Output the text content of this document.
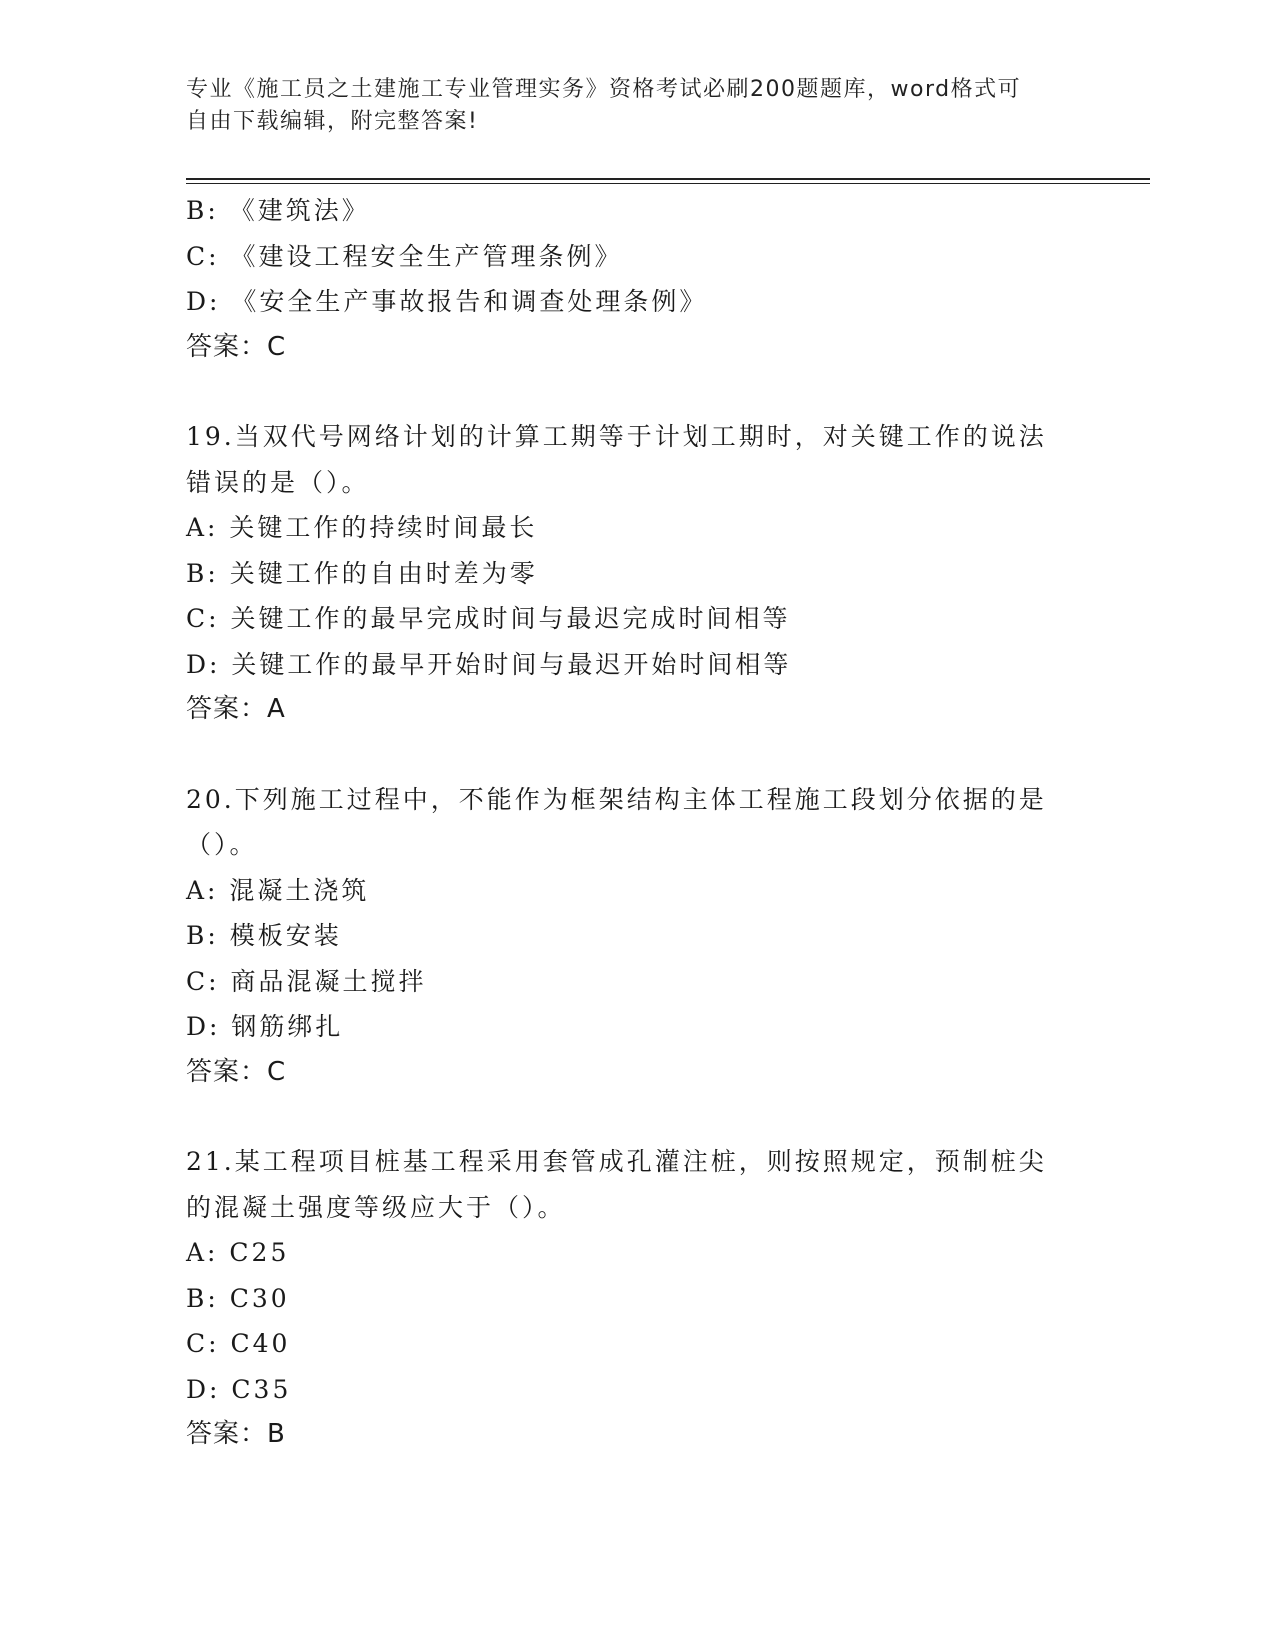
专业《施工员之土建施工专业管理实务》资格考试必刷200题题库，word格式可
自由下载编辑，附完整答案!
B: 《建筑法》
C: 《建设工程安全生产管理条例》
D: 《安全生产事故报告和调查处理条例》
答案：C
19.当双代号网络计划的计算工期等于计划工期时，对关键工作的说法
错误的是（）。
A: 关键工作的持续时间最长
B: 关键工作的自由时差为零
C: 关键工作的最早完成时间与最迟完成时间相等
D: 关键工作的最早开始时间与最迟开始时间相等
答案：A
20.下列施工过程中，不能作为框架结构主体工程施工段划分依据的是
（）。
A: 混凝土浇筑
B: 模板安装
C: 商品混凝土搅拌
D: 钢筋绑扎
答案：C
21.某工程项目桩基工程采用套管成孔灌注桩，则按照规定，预制桩尖
的混凝土强度等级应大于（）。
A: C25
B: C30
C: C40
D: C35
答案：B
